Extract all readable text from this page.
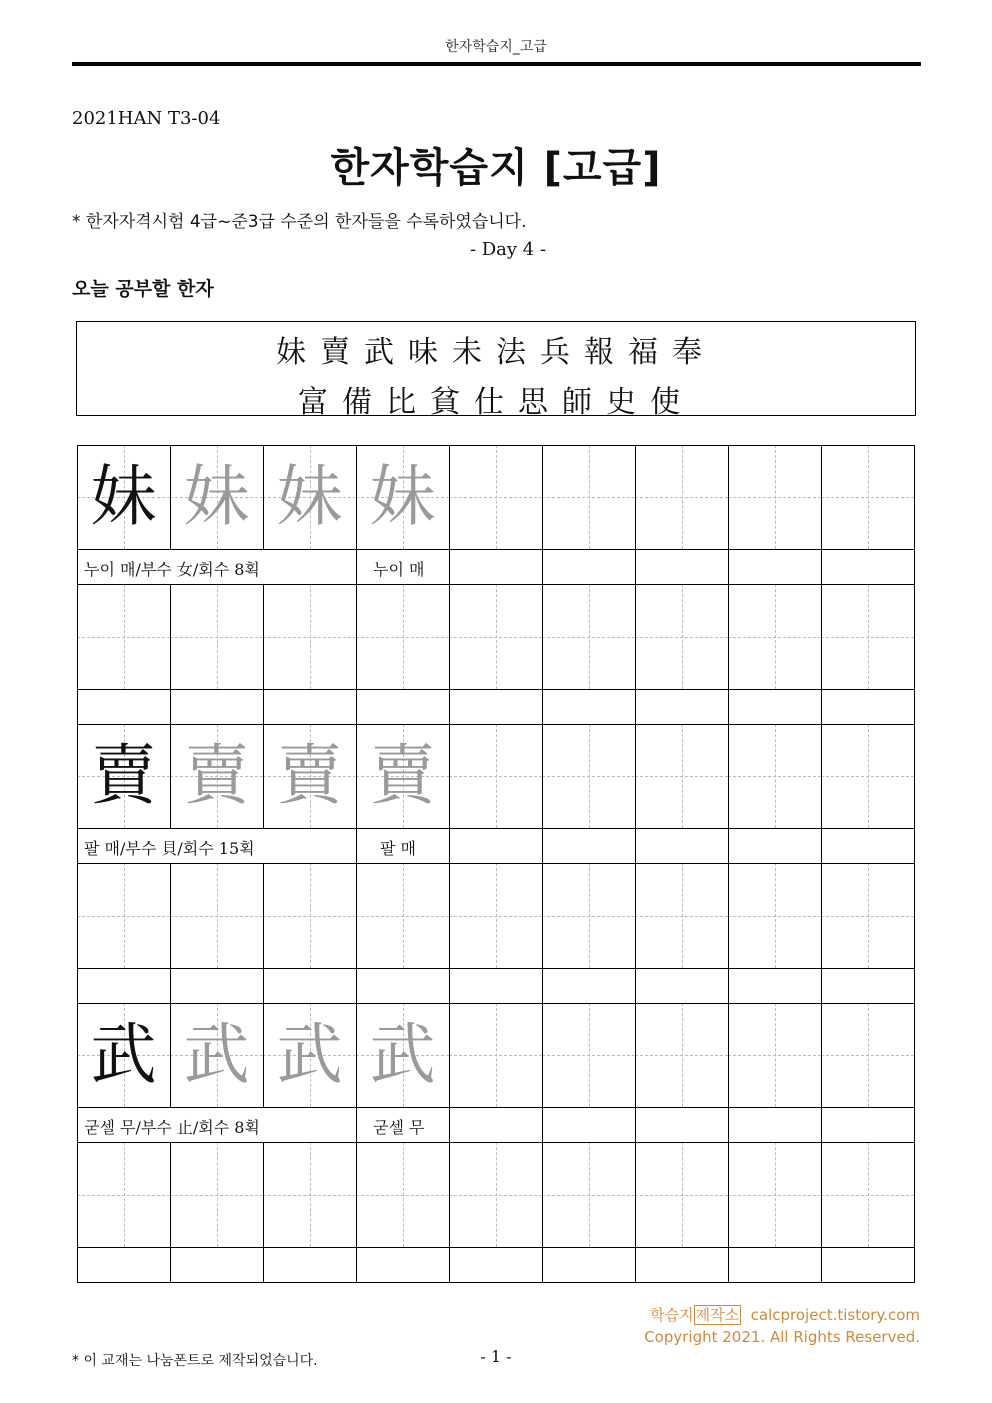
한자학습지_고급
2021HAN T3-04
한자학습지 [고급]
* 한자자격시험 4급~준3급 수준의 한자들을 수록하였습니다.
- Day 4 -
오늘 공부할 한자
妹賣武味未法兵報福奉
富備比貧仕思師史使
妹 妹 妹 妹
누이 매/부수 女/회수 8획	누이 매
賣 賣 賣 賣
팔 매/부수 貝/회수 15획	팔 매
武 武 武 武
굳셀 무/부수 止/회수 8획	굳셀 무
학습지 제작소 calcproject.tistory.com
Copyright 2021. All Rights Reserved.
* 이 교재는 나눔폰트로 제작되었습니다.	- 1 -
